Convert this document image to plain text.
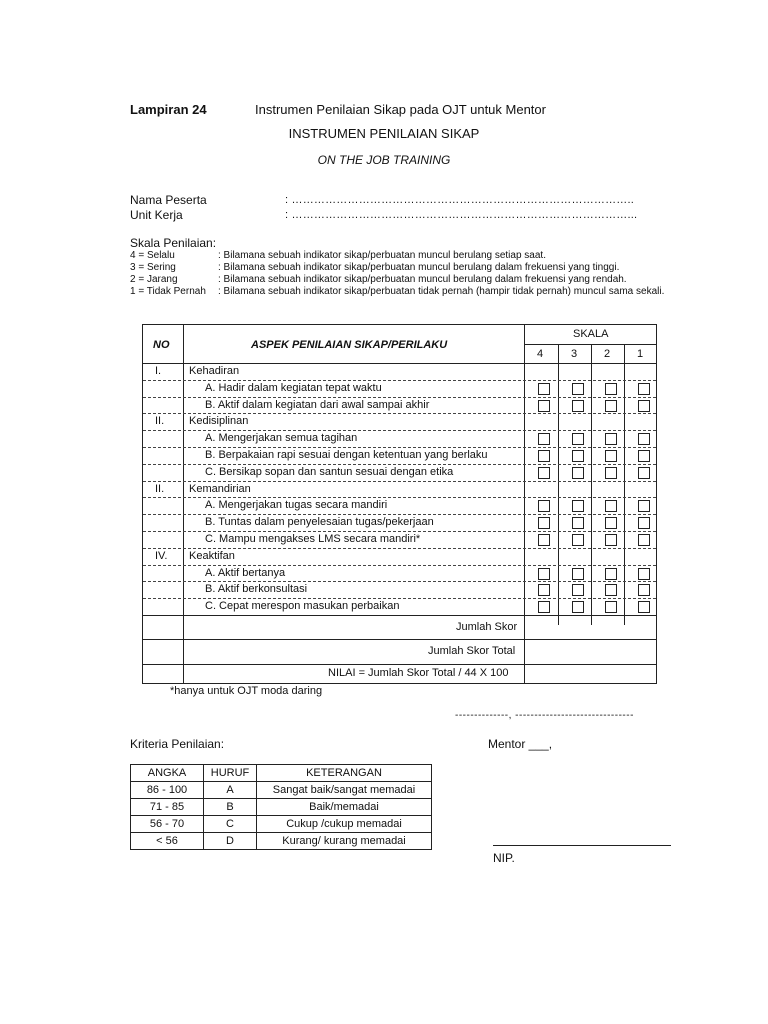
Lampiran 24	Instrumen Penilaian Sikap pada OJT untuk Mentor
INSTRUMEN PENILAIAN SIKAP
ON THE JOB TRAINING
Nama Peserta	: ………………………………………………………………………………..
Unit Kerja	: ………………………………………………………………………………...
Skala Penilaian:
4 = Selalu	: Bilamana sebuah indikator sikap/perbuatan muncul berulang setiap saat.
3 = Sering	: Bilamana sebuah indikator sikap/perbuatan muncul berulang dalam frekuensi yang tinggi.
2 = Jarang	: Bilamana sebuah indikator sikap/perbuatan muncul berulang dalam frekuensi yang rendah.
1 = Tidak Pernah : Bilamana sebuah indikator sikap/perbuatan tidak pernah (hampir tidak pernah) muncul sama sekali.
NO	ASPEK PENILAIAN SIKAP/PERILAKU
SKALA
4	3 2 1
I.	Kehadiran
A. Hadir dalam kegiatan tepat waktu
B. Aktif dalam kegiatan dari awal sampai akhir
II. Kedisiplinan
A. Mengerjakan semua tagihan
B. Berpakaian rapi sesuai dengan ketentuan yang berlaku
C. Bersikap sopan dan santun sesuai dengan etika
II. Kemandirian
A. Mengerjakan tugas secara mandiri
B. Tuntas dalam penyelesaian tugas/pekerjaan
C. Mampu mengakses LMS secara mandiri*
IV. Keaktifan
A. Aktif bertanya
B. Aktif berkonsultasi
C. Cepat merespon masukan perbaikan
Jumlah Skor
Jumlah Skor Total
NILAI = Jumlah Skor Total / 44 X 100
*hanya untuk OJT moda daring
--------------, -------------------------------
Kriteria Penilaian:	Mentor ___,
ANGKA	HURUF	KETERANGAN
86 - 100	A	Sangat baik/sangat memadai
71 - 85	B	Baik/memadai
56 - 70	C	Cukup /cukup memadai
< 56	D	Kurang/ kurang memadai
NIP.
